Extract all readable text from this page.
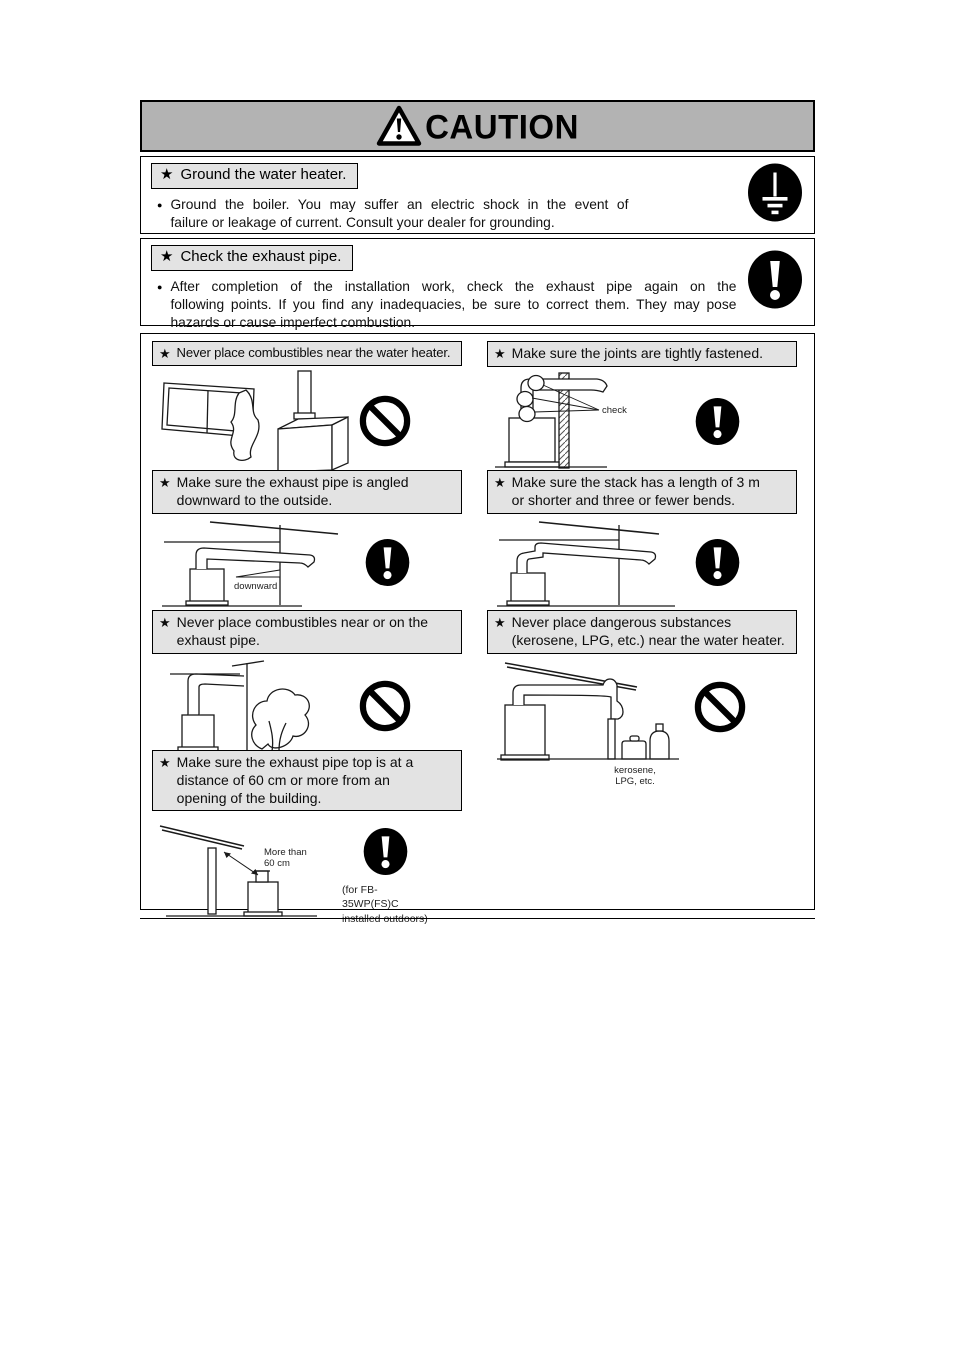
CAUTION
★ Ground the water heater.
● Ground the boiler. You may suffer an electric shock in the event of
failure or leakage of current. Consult your dealer for grounding.
★ Check the exhaust pipe.
● After completion of the installation work, check the exhaust pipe again on the
following points. If you find any inadequacies, be sure to correct them. They may pose
hazards or cause imperfect combustion.
★ Never place combustibles near the water heater.	★ Make sure the joints are tightly fastened.
check
★ Make sure the exhaust pipe is angled
downward to the outside.
downward
★ Make sure the stack has a length of 3 m
or shorter and three or fewer bends.
★ Never place combustibles near or on the
exhaust pipe.
★ Never place dangerous substances
(kerosene, LPG, etc.) near the water heater.
kerosene,
LPG, etc.
★ Make sure the exhaust pipe top is at a
distance of 60 cm or more from an
opening of the building.
More than
60 cm
(for FB-35WP(FS)C
installed outdoors)
